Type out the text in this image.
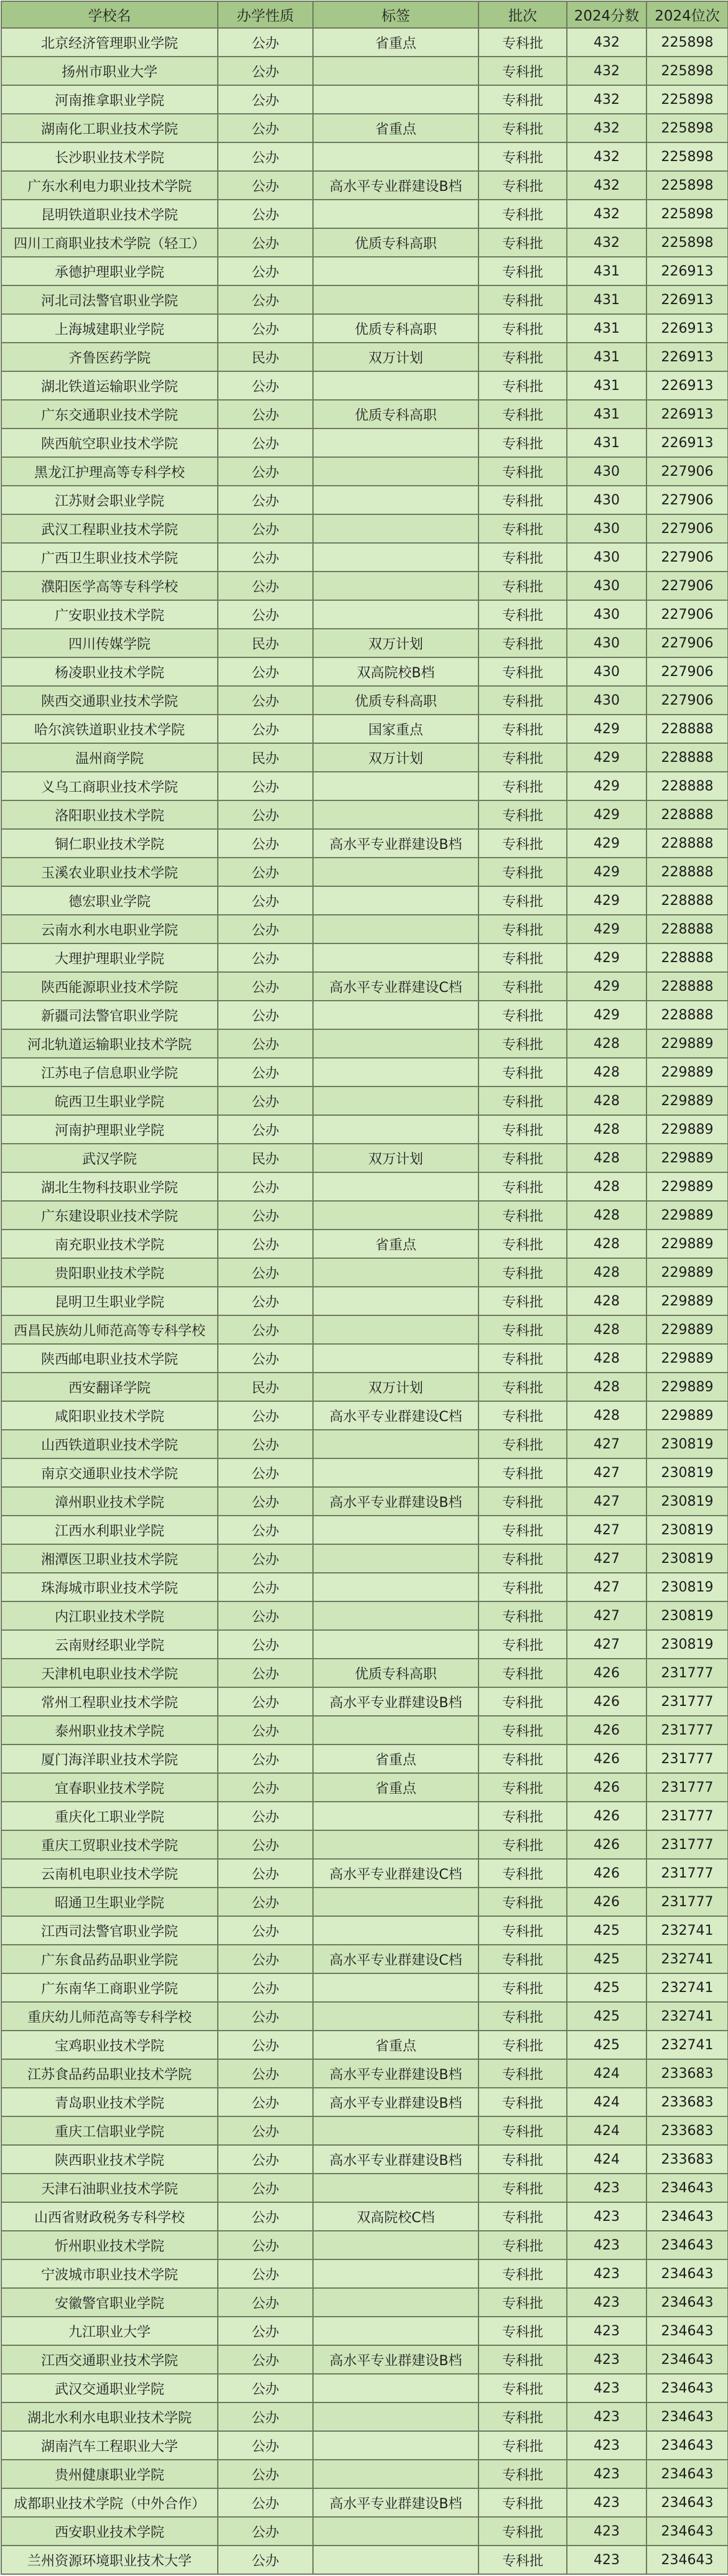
学校名	办学性质	标签	批次	2024分数	2024位次
北京经济管理职业学院	公办	省重点	专科批	432	225898
扬州市职业大学	公办		专科批	432	225898
河南推拿职业学院	公办		专科批	432	225898
湖南化工职业技术学院	公办	省重点	专科批	432	225898
长沙职业技术学院	公办		专科批	432	225898
广东水利电力职业技术学院	公办	高水平专业群建设B档	专科批	432	225898
昆明铁道职业技术学院	公办		专科批	432	225898
四川工商职业技术学院（轻工）	公办	优质专科高职	专科批	432	225898
承德护理职业学院	公办		专科批	431	226913
河北司法警官职业学院	公办		专科批	431	226913
上海城建职业学院	公办	优质专科高职	专科批	431	226913
齐鲁医药学院	民办	双万计划	专科批	431	226913
湖北铁道运输职业学院	公办		专科批	431	226913
广东交通职业技术学院	公办	优质专科高职	专科批	431	226913
陕西航空职业技术学院	公办		专科批	431	226913
黑龙江护理高等专科学校	公办		专科批	430	227906
江苏财会职业学院	公办		专科批	430	227906
武汉工程职业技术学院	公办		专科批	430	227906
广西卫生职业技术学院	公办		专科批	430	227906
濮阳医学高等专科学校	公办		专科批	430	227906
广安职业技术学院	公办		专科批	430	227906
四川传媒学院	民办	双万计划	专科批	430	227906
杨凌职业技术学院	公办	双高院校B档	专科批	430	227906
陕西交通职业技术学院	公办	优质专科高职	专科批	430	227906
哈尔滨铁道职业技术学院	公办	国家重点	专科批	429	228888
温州商学院	民办	双万计划	专科批	429	228888
义乌工商职业技术学院	公办		专科批	429	228888
洛阳职业技术学院	公办		专科批	429	228888
铜仁职业技术学院	公办	高水平专业群建设B档	专科批	429	228888
玉溪农业职业技术学院	公办		专科批	429	228888
德宏职业学院	公办		专科批	429	228888
云南水利水电职业学院	公办		专科批	429	228888
大理护理职业学院	公办		专科批	429	228888
陕西能源职业技术学院	公办	高水平专业群建设C档	专科批	429	228888
新疆司法警官职业学院	公办		专科批	429	228888
河北轨道运输职业技术学院	公办		专科批	428	229889
江苏电子信息职业学院	公办		专科批	428	229889
皖西卫生职业学院	公办		专科批	428	229889
河南护理职业学院	公办		专科批	428	229889
武汉学院	民办	双万计划	专科批	428	229889
湖北生物科技职业学院	公办		专科批	428	229889
广东建设职业技术学院	公办		专科批	428	229889
南充职业技术学院	公办	省重点	专科批	428	229889
贵阳职业技术学院	公办		专科批	428	229889
昆明卫生职业学院	公办		专科批	428	229889
西昌民族幼儿师范高等专科学校	公办		专科批	428	229889
陕西邮电职业技术学院	公办		专科批	428	229889
西安翻译学院	民办	双万计划	专科批	428	229889
咸阳职业技术学院	公办	高水平专业群建设C档	专科批	428	229889
山西铁道职业技术学院	公办		专科批	427	230819
南京交通职业技术学院	公办		专科批	427	230819
漳州职业技术学院	公办	高水平专业群建设B档	专科批	427	230819
江西水利职业学院	公办		专科批	427	230819
湘潭医卫职业技术学院	公办		专科批	427	230819
珠海城市职业技术学院	公办		专科批	427	230819
内江职业技术学院	公办		专科批	427	230819
云南财经职业学院	公办		专科批	427	230819
天津机电职业技术学院	公办	优质专科高职	专科批	426	231777
常州工程职业技术学院	公办	高水平专业群建设B档	专科批	426	231777
泰州职业技术学院	公办		专科批	426	231777
厦门海洋职业技术学院	公办	省重点	专科批	426	231777
宜春职业技术学院	公办	省重点	专科批	426	231777
重庆化工职业学院	公办		专科批	426	231777
重庆工贸职业技术学院	公办		专科批	426	231777
云南机电职业技术学院	公办	高水平专业群建设C档	专科批	426	231777
昭通卫生职业学院	公办		专科批	426	231777
江西司法警官职业学院	公办		专科批	425	232741
广东食品药品职业学院	公办	高水平专业群建设C档	专科批	425	232741
广东南华工商职业学院	公办		专科批	425	232741
重庆幼儿师范高等专科学校	公办		专科批	425	232741
宝鸡职业技术学院	公办	省重点	专科批	425	232741
江苏食品药品职业技术学院	公办	高水平专业群建设B档	专科批	424	233683
青岛职业技术学院	公办	高水平专业群建设B档	专科批	424	233683
重庆工信职业学院	公办		专科批	424	233683
陕西职业技术学院	公办	高水平专业群建设B档	专科批	424	233683
天津石油职业技术学院	公办		专科批	423	234643
山西省财政税务专科学校	公办	双高院校C档	专科批	423	234643
忻州职业技术学院	公办		专科批	423	234643
宁波城市职业技术学院	公办		专科批	423	234643
安徽警官职业学院	公办		专科批	423	234643
九江职业大学	公办		专科批	423	234643
江西交通职业技术学院	公办	高水平专业群建设B档	专科批	423	234643
武汉交通职业学院	公办		专科批	423	234643
湖北水利水电职业技术学院	公办		专科批	423	234643
湖南汽车工程职业大学	公办		专科批	423	234643
贵州健康职业学院	公办		专科批	423	234643
成都职业技术学院（中外合作）	公办	高水平专业群建设B档	专科批	423	234643
西安职业技术学院	公办		专科批	423	234643
兰州资源环境职业技术大学	公办		专科批	423	234643
